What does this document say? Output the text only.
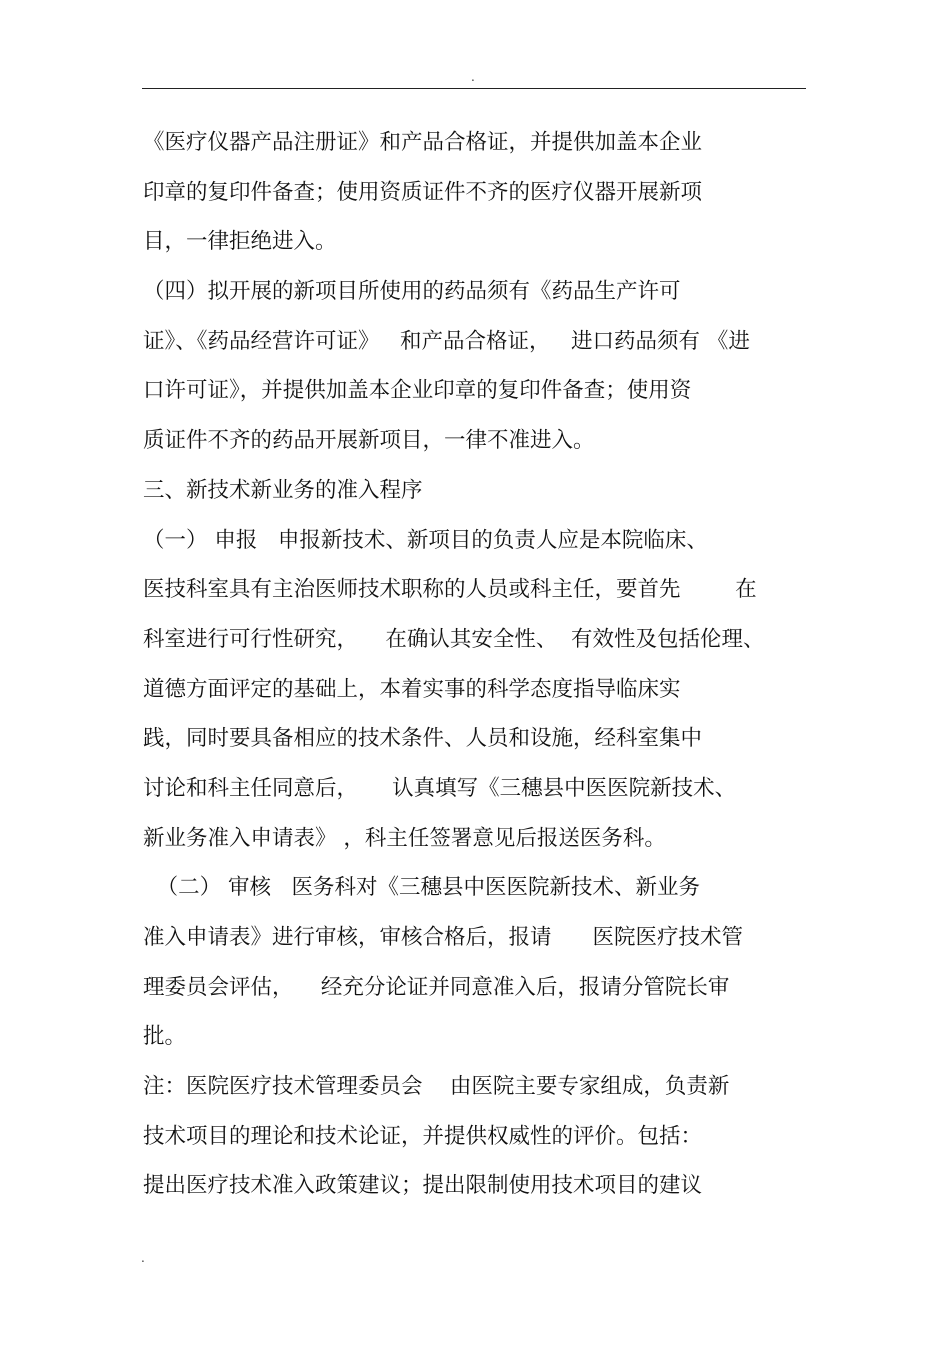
.
《医疗仪器产品注册证》和产品合格证，并提供加盖本企业
印章的复印件备查；使用资质证件不齐的医疗仪器开展新项
目，一律拒绝进入。
（四）拟开展的新项目所使用的药品须有《药品生产许可
证》、《药品经营许可证》   和产品合格证，   进口药品须有 《进
口许可证》，并提供加盖本企业印章的复印件备查；使用资
质证件不齐的药品开展新项目，一律不准进入。
三、新技术新业务的准入程序
（一） 申报   申报新技术、新项目的负责人应是本院临床、
医技科室具有主治医师技术职称的人员或科主任，要首先        在
科室进行可行性研究，    在确认其安全性、  有效性及包括伦理、
道德方面评定的基础上，本着实事的科学态度指导临床实
践，同时要具备相应的技术条件、人员和设施，经科室集中
讨论和科主任同意后，     认真填写《三穗县中医医院新技术、
新业务准入申请表》 ，科主任签署意见后报送医务科。
（二） 审核   医务科对《三穗县中医医院新技术、新业务
准入申请表》进行审核，审核合格后，报请      医院医疗技术管
理委员会评估，    经充分论证并同意准入后，报请分管院长审
批。
注：医院医疗技术管理委员会    由医院主要专家组成，负责新
技术项目的理论和技术论证，并提供权威性的评价。包括：
提出医疗技术准入政策建议；提出限制使用技术项目的建议
.
